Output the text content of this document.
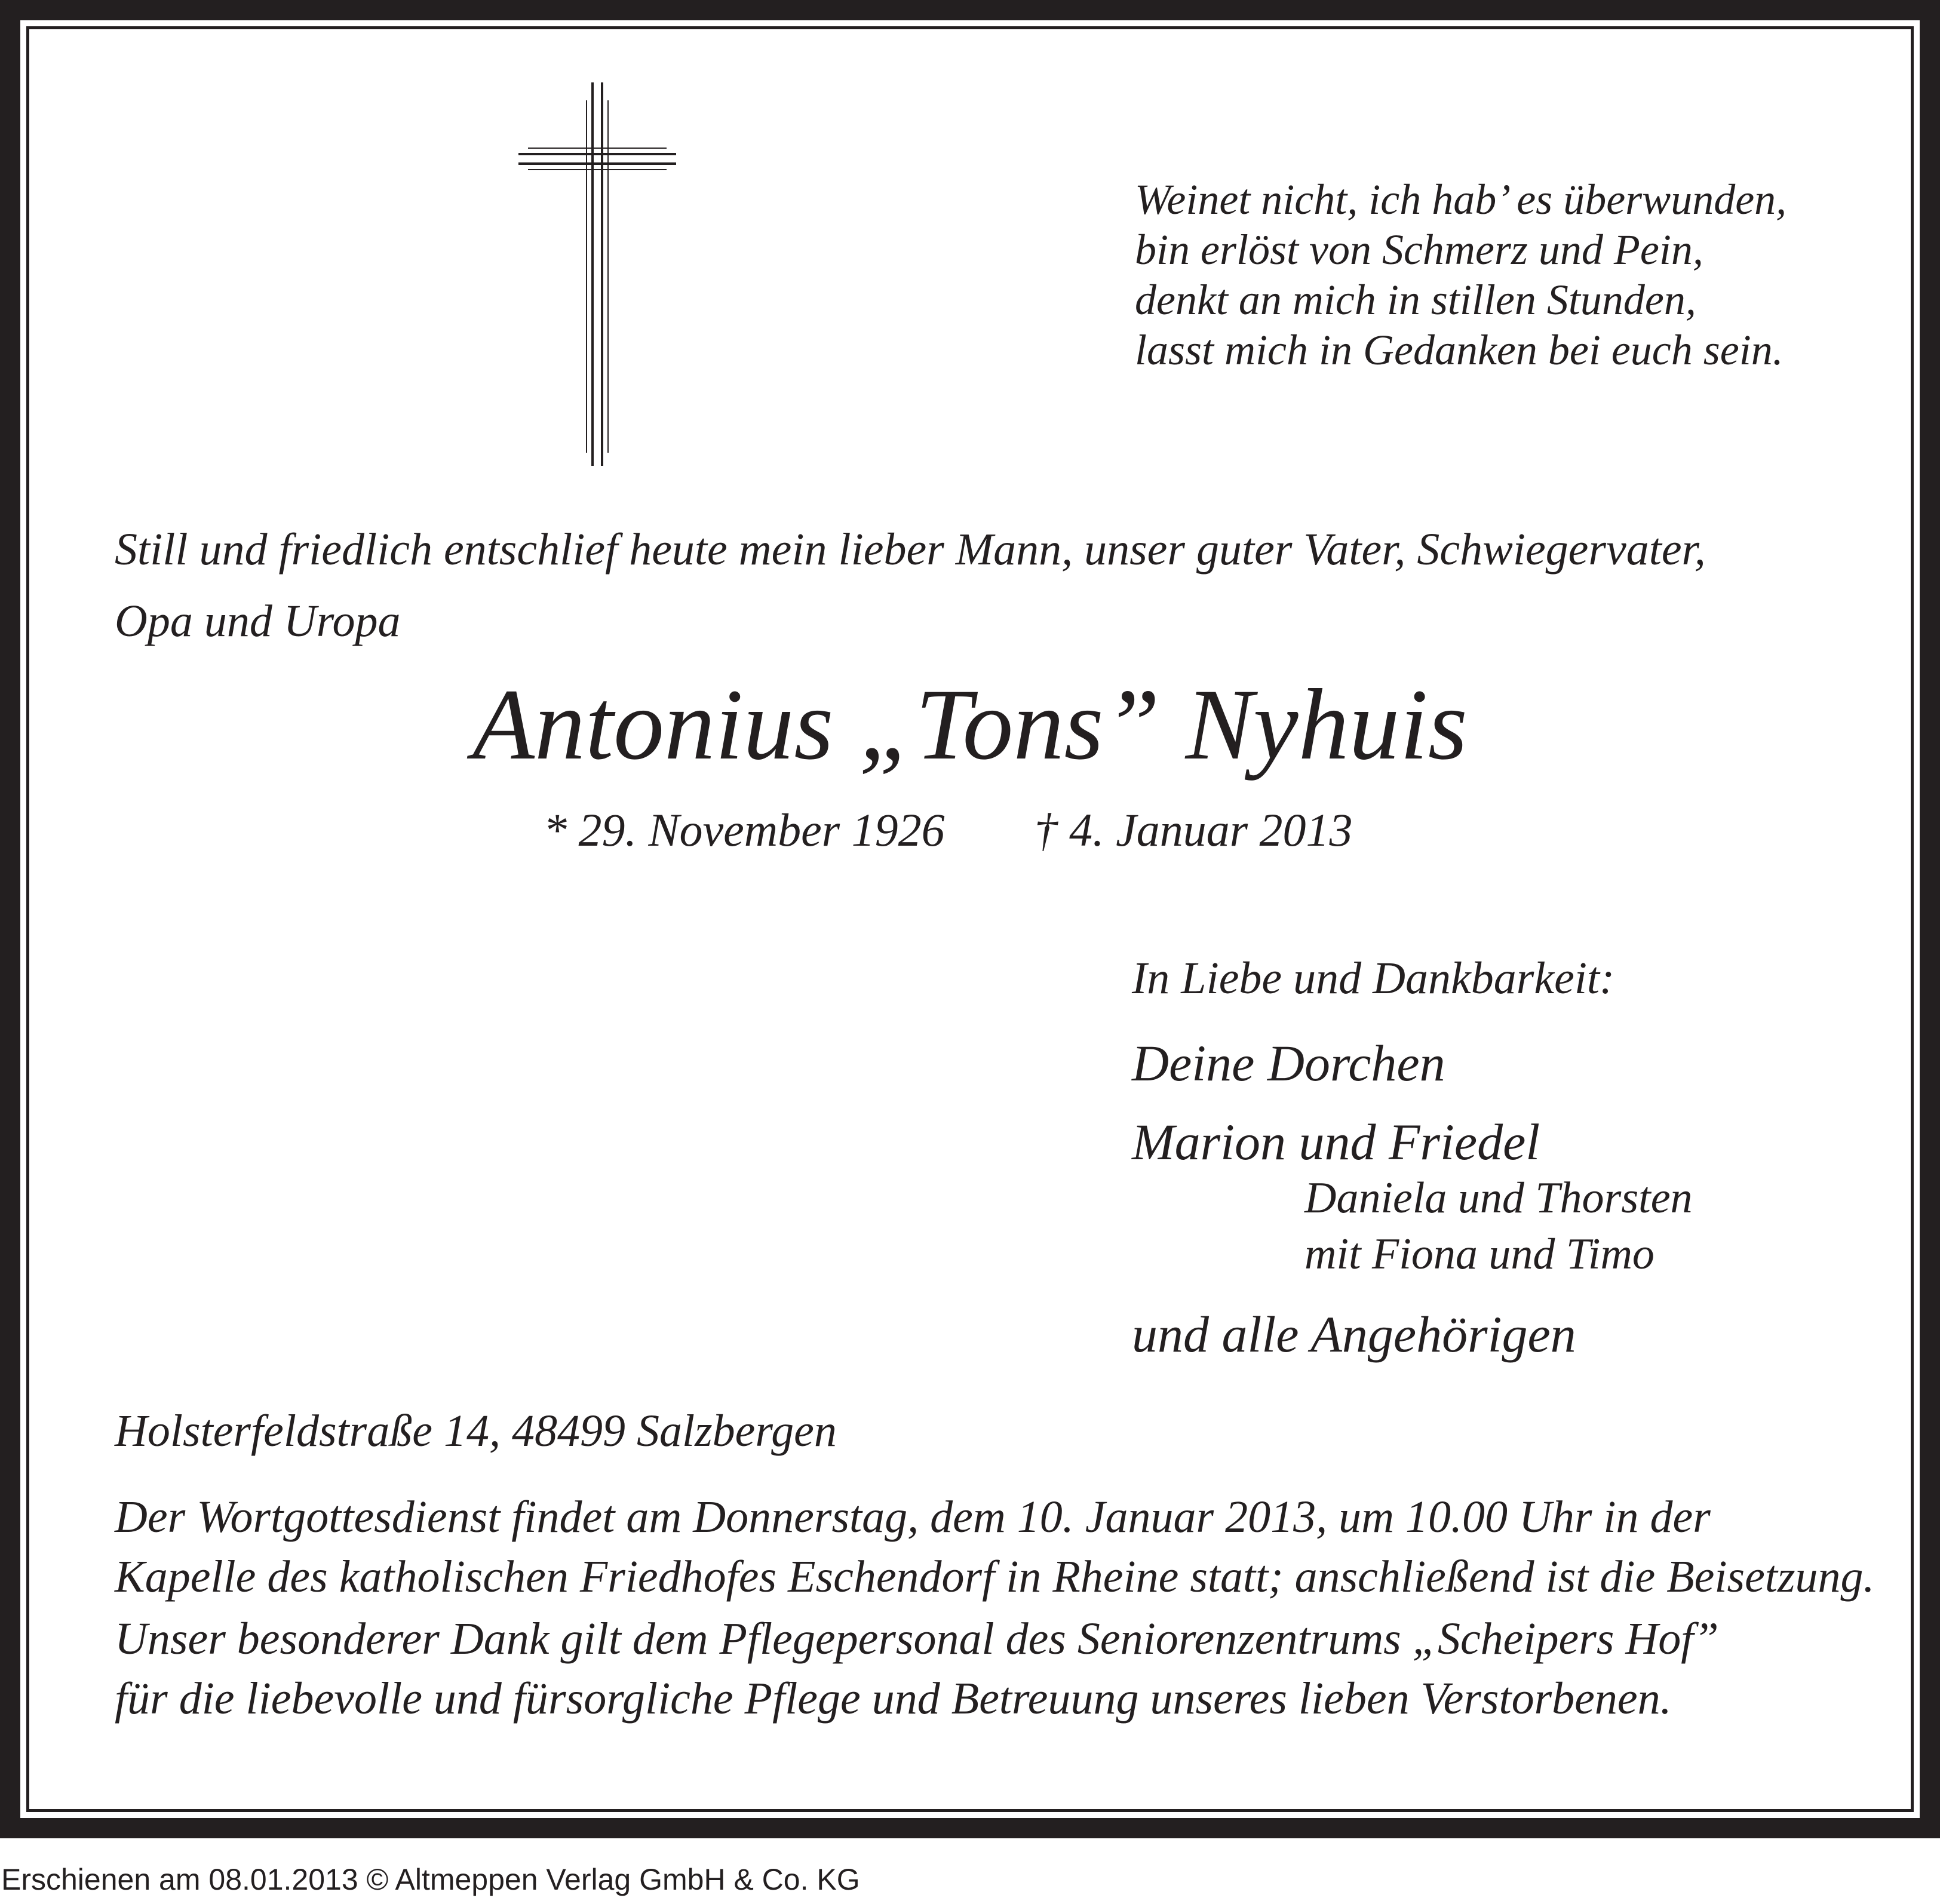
Weinet nicht, ich hab’ es überwunden,
bin erlöst von Schmerz und Pein,
denkt an mich in stillen Stunden,
lasst mich in Gedanken bei euch sein.
Still und friedlich entschlief heute mein lieber Mann, unser guter Vater, Schwiegervater,
Opa und Uropa
Antonius „Tons” Nyhuis
* 29. November 1926 † 4. Januar 2013
In Liebe und Dankbarkeit:
Deine Dorchen
Marion und Friedel
Daniela und Thorsten
mit Fiona und Timo
und alle Angehörigen
Holsterfeldstraße 14, 48499 Salzbergen
Der Wortgottesdienst findet am Donnerstag, dem 10. Januar 2013, um 10.00 Uhr in der
Kapelle des katholischen Friedhofes Eschendorf in Rheine statt; anschließend ist die Beisetzung.
Unser besonderer Dank gilt dem Pflegepersonal des Seniorenzentrums „Scheipers Hof”
für die liebevolle und fürsorgliche Pflege und Betreuung unseres lieben Verstorbenen.
Erschienen am 08.01.2013 © Altmeppen Verlag GmbH & Co. KG
